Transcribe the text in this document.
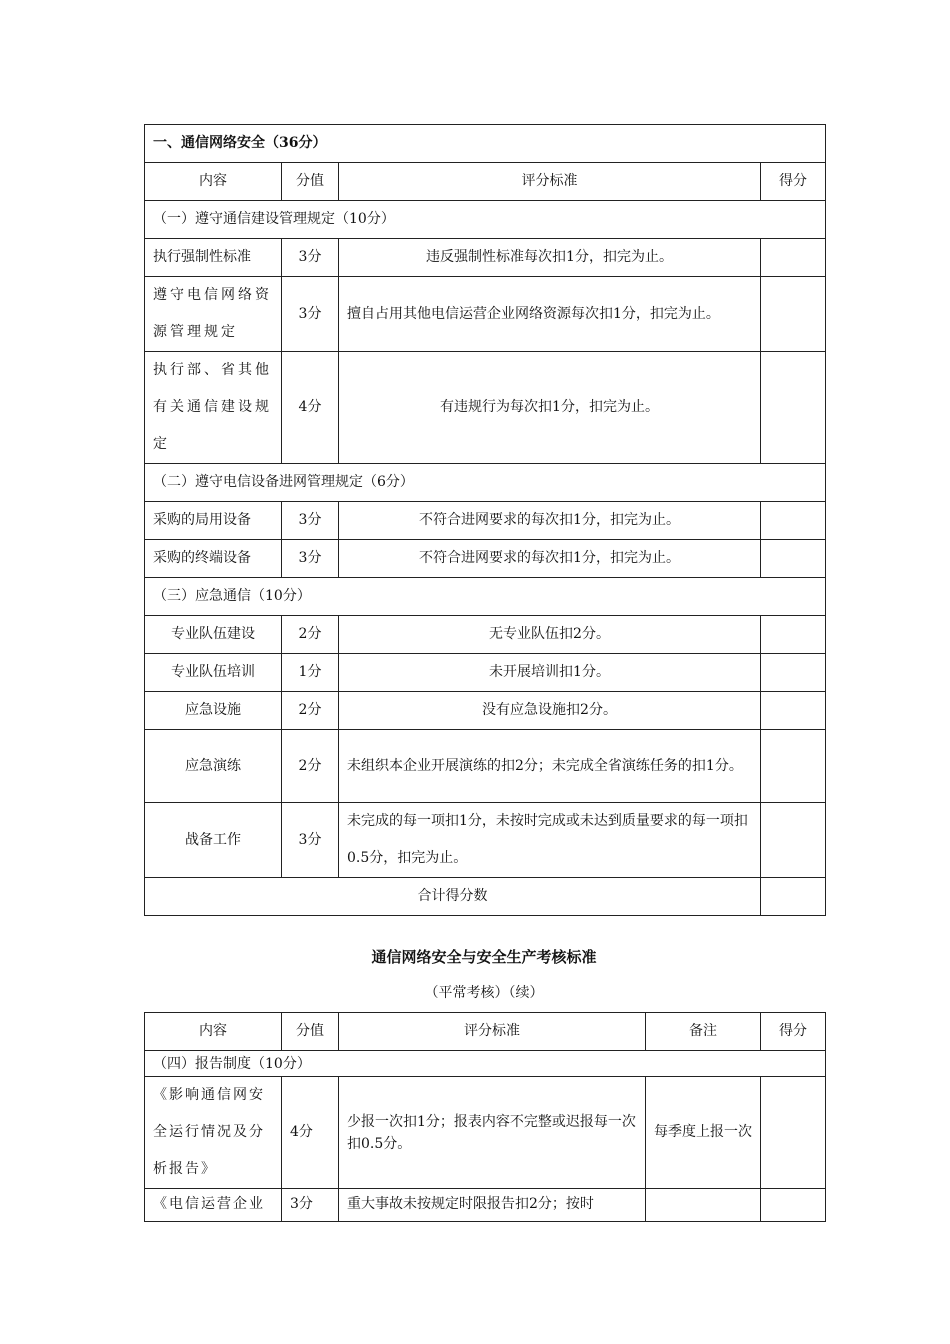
一、通信网络安全（36分）			
内容	分值	评分标准	得分
（一）遵守通信建设管理规定（10分）			
执行强制性标准	3分	违反强制性标准每次扣1分，扣完为止。	
遵守电信网络资源管理规定	3分	擅自占用其他电信运营企业网络资源每次扣1分，扣完为止。	
执行部、省其他有关通信建设规定	4分	有违规行为每次扣1分，扣完为止。	
（二）遵守电信设备进网管理规定（6分）			
采购的局用设备	3分	不符合进网要求的每次扣1分，扣完为止。	
采购的终端设备	3分	不符合进网要求的每次扣1分，扣完为止。	
（三）应急通信（10分）			
专业队伍建设	2分	无专业队伍扣2分。	
专业队伍培训	1分	未开展培训扣1分。	
应急设施	2分	没有应急设施扣2分。	
应急演练	2分	未组织本企业开展演练的扣2分；未完成全省演练任务的扣1分。	
战备工作	3分	未完成的每一项扣1分，未按时完成或未达到质量要求的每一项扣0.5分，扣完为止。	
合计得分数			
通信网络安全与安全生产考核标准
（平常考核）（续）
内容	分值	评分标准	备注	得分
（四）报告制度（10分）				
《影响通信网安全运行情况及分析报告》	4分	少报一次扣1分；报表内容不完整或迟报每一次扣0.5分。	每季度上报一次	
《电信运营企业	3分	重大事故未按规定时限报告扣2分；按时		
